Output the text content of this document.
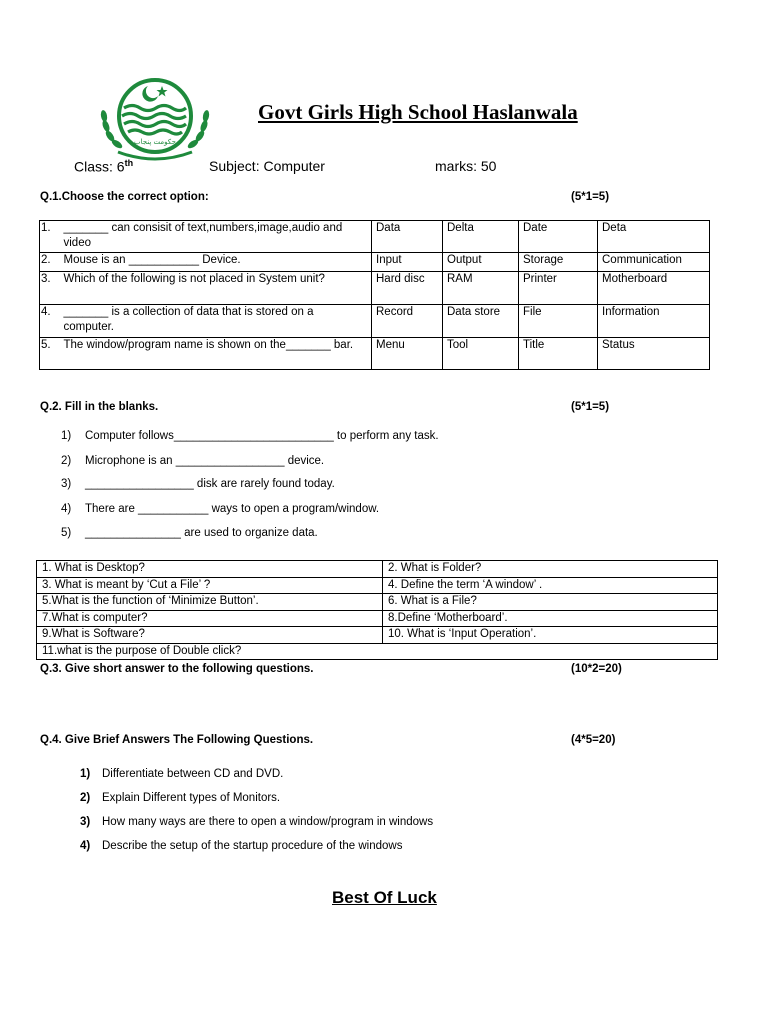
حکومت پنجاب
Govt Girls High School Haslanwala
Class: 6th	Subject: Computer	marks: 50
Q.1.Choose the correct option:	(5*1=5)
1.	_______ can consisit of text,numbers,image,audio and video	Data	Delta	Date	Deta
2.	Mouse is an ___________ Device.	Input	Output	Storage	Communication
3.	Which of the following is not placed in System unit?	Hard disc	RAM	Printer	Motherboard
4.	_______ is a collection of data that is stored on a computer.	Record	Data store	File	Information
5.	The window/program name is shown on the_______ bar.	Menu	Tool	Title	Status
Q.2. Fill in the blanks.	(5*1=5)
1) Computer follows_________________________ to perform any task.
2) Microphone is an _________________ device.
3) _________________ disk are rarely found today.
4) There are ___________ ways to open a program/window.
5) _______________ are used to organize data.
1. What is Desktop?	2. What is Folder?
3. What is meant by ‘Cut a File’ ?	4. Define the term ‘A window’ .
5.What is the function of ‘Minimize Button’.	6. What is a File?
7.What is computer?	8.Define ‘Motherboard’.
9.What is Software?	10. What is ‘Input Operation’.
11.what is the purpose of Double click?	
Q.3. Give short answer to the following questions.	(10*2=20)
Q.4. Give Brief Answers The Following Questions.	(4*5=20)
1) Differentiate between CD and DVD.
2) Explain Different types of Monitors.
3) How many ways are there to open a window/program in windows
4) Describe the setup of the startup procedure of the windows
Best Of Luck
